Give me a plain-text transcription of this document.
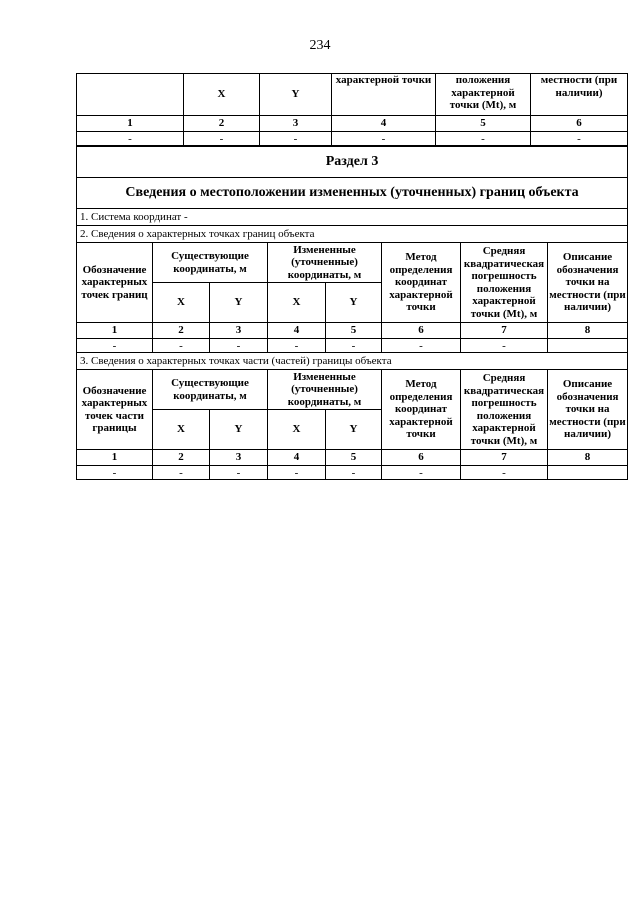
234
	X	Y	характерной точки	положения характерной точки (Mt), м	местности (при наличии)
1	2	3	4	5	6
-	-	-	-	-	-
Раздел 3							
Сведения о местоположении измененных (уточненных) границ объекта							
1. Система координат -							
2. Сведения о характерных точках границ объекта							
Обозначение характерных точек границ	Существующие координаты, м		Измененные (уточненные) координаты, м		Метод определения координат характерной точки	Средняя квадратическая погрешность положения характерной точки (Mt), м	Описание обозначения точки на местности (при наличии)
	X	Y	X	Y			
1	2	3	4	5	6	7	8
-	-	-	-	-	-	-	
3. Сведения о характерных точках части (частей) границы объекта							
Обозначение характерных точек части границы	Существующие координаты, м		Измененные (уточненные) координаты, м		Метод определения координат характерной точки	Средняя квадратическая погрешность положения характерной точки (Mt), м	Описание обозначения точки на местности (при наличии)
	X	Y	X	Y			
1	2	3	4	5	6	7	8
-	-	-	-	-	-	-	
